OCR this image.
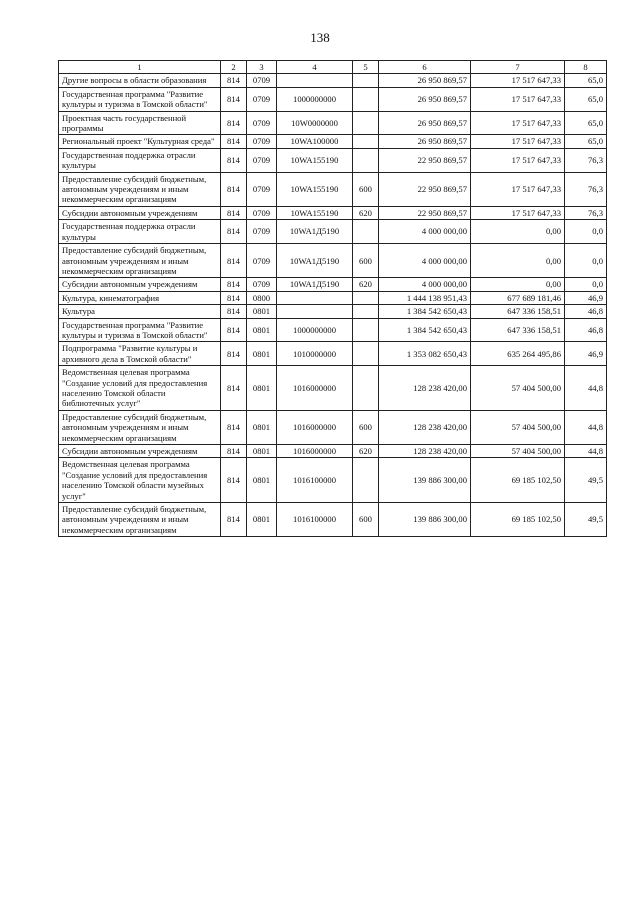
138
1	2	3	4	5	6	7	8
Другие вопросы в области образования	814	0709			26 950 869,57	17 517 647,33	65,0
Государственная программа "Развитие культуры и туризма в Томской области"	814	0709	1000000000		26 950 869,57	17 517 647,33	65,0
Проектная часть государственной программы	814	0709	10W0000000		26 950 869,57	17 517 647,33	65,0
Региональный проект "Культурная среда"	814	0709	10WA100000		26 950 869,57	17 517 647,33	65,0
Государственная поддержка отрасли культуры	814	0709	10WA155190		22 950 869,57	17 517 647,33	76,3
Предоставление субсидий бюджетным, автономным учреждениям и иным некоммерческим организациям	814	0709	10WA155190	600	22 950 869,57	17 517 647,33	76,3
Субсидии автономным учреждениям	814	0709	10WA155190	620	22 950 869,57	17 517 647,33	76,3
Государственная поддержка отрасли культуры	814	0709	10WA1Д5190		4 000 000,00	0,00	0,0
Предоставление субсидий бюджетным, автономным учреждениям и иным некоммерческим организациям	814	0709	10WA1Д5190	600	4 000 000,00	0,00	0,0
Субсидии автономным учреждениям	814	0709	10WA1Д5190	620	4 000 000,00	0,00	0,0
Культура, кинематография	814	0800			1 444 138 951,43	677 689 181,46	46,9
Культура	814	0801			1 384 542 650,43	647 336 158,51	46,8
Государственная программа "Развитие культуры и туризма в Томской области"	814	0801	1000000000		1 384 542 650,43	647 336 158,51	46,8
Подпрограмма "Развитие культуры и архивного дела в Томской области"	814	0801	1010000000		1 353 082 650,43	635 264 495,86	46,9
Ведомственная целевая программа "Создание условий для предоставления населению Томской области библиотечных услуг"	814	0801	1016000000		128 238 420,00	57 404 500,00	44,8
Предоставление субсидий бюджетным, автономным учреждениям и иным некоммерческим организациям	814	0801	1016000000	600	128 238 420,00	57 404 500,00	44,8
Субсидии автономным учреждениям	814	0801	1016000000	620	128 238 420,00	57 404 500,00	44,8
Ведомственная целевая программа "Создание условий для предоставления населению Томской области музейных услуг"	814	0801	1016100000		139 886 300,00	69 185 102,50	49,5
Предоставление субсидий бюджетным, автономным учреждениям и иным некоммерческим организациям	814	0801	1016100000	600	139 886 300,00	69 185 102,50	49,5
